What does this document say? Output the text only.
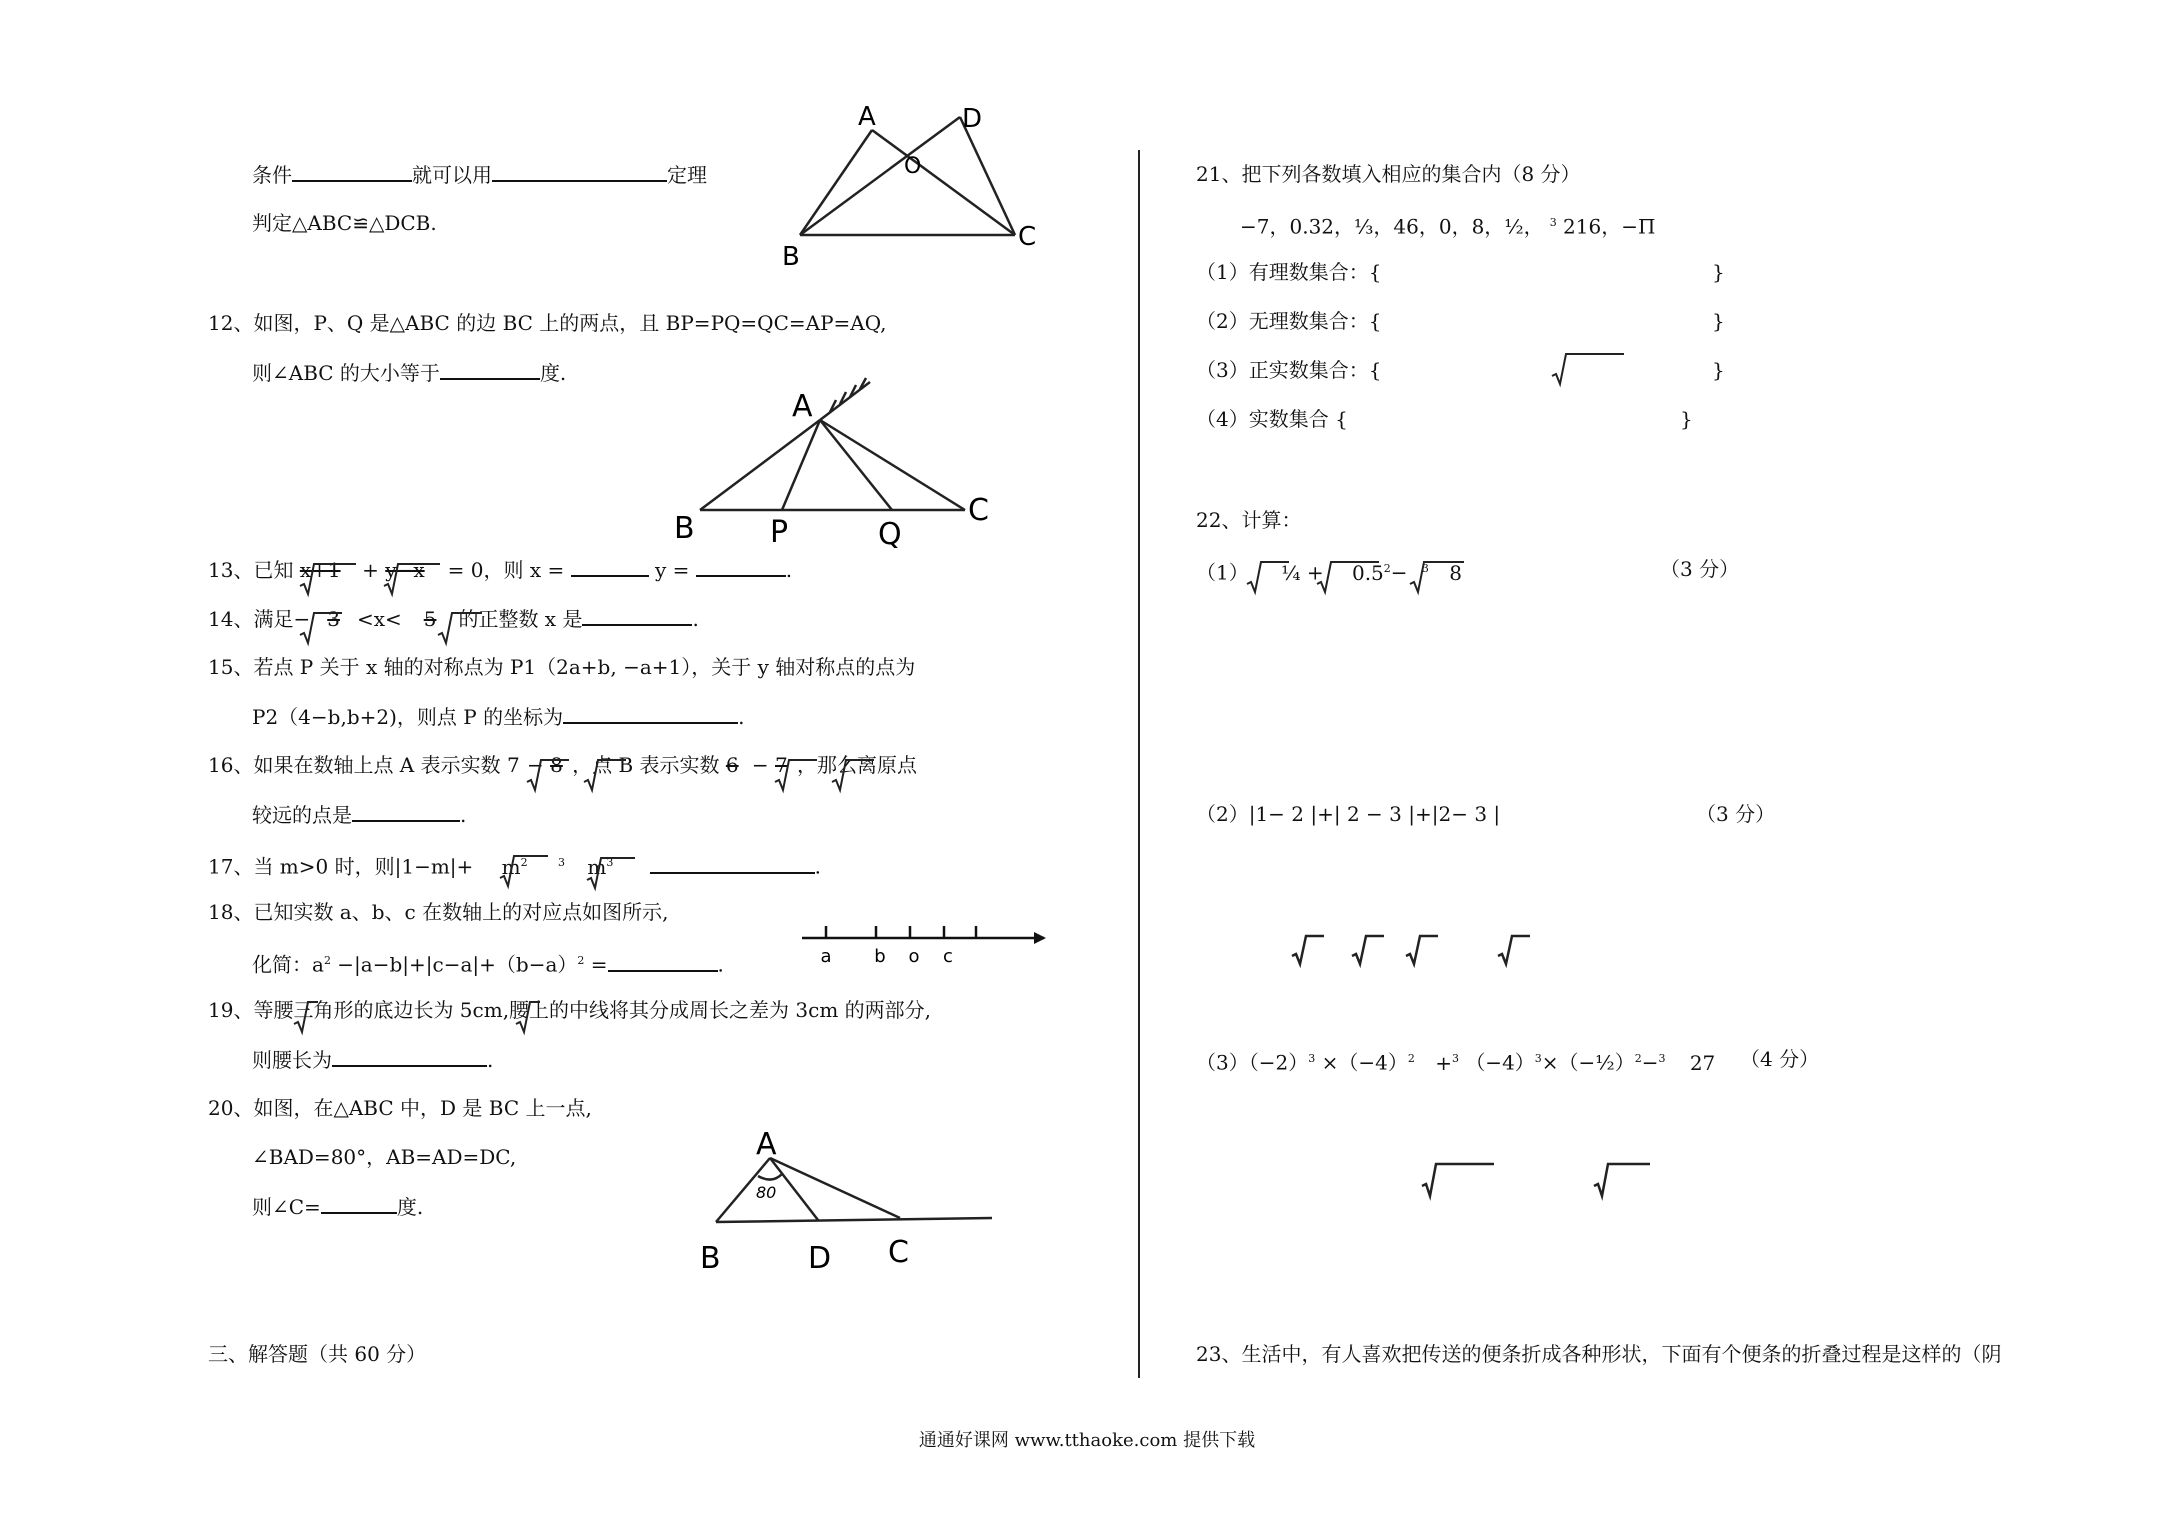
条件	就可以用	定理
判定△ABC≌△DCB.
A	D
O
B
C
12、如图，P、Q 是△ABC 的边 BC 上的两点，且 BP=PQ=QC=AP=AQ,
则∠ABC 的大小等于	度.
A
B	P	Q
C
13、已知 x+1 + y−x = 0，则 x =	y =	.
14、满足− 3 <x< 5 的正整数 x 是	.
15、若点 P 关于 x 轴的对称点为 P1（2a+b, −a+1），关于 y 轴对称点的点为
P2（4−b,b+2)，则点 P 的坐标为	.
16、如果在数轴上点 A 表示实数 7 − 8 ，点 B 表示实数 6 − 7 ，那么离原点
较远的点是	.
17、当 m>0 时，则$|1-m|+ m^2$	$^3$ $m^3$	.
18、已知实数 a、b、c 在数轴上的对应点如图所示,
化简：$a^2 -|a-b|+|c-a|+(b-a)^2$ =	.	a b o c
19、等腰三角形的底边长为 5cm,腰上的中线将其分成周长之差为 3cm 的两部分,
则腰长为	.
20、如图，在△ABC 中，D 是 BC 上一点,
∠BAD=80°，AB=AD=DC,
则∠C=	度.
A
80
B	D C
三、解答题（共 60 分）
21、把下列各数填入相应的集合内（8 分）
−7，0.32，⅓，46，0，8，½， $^3$ 216，−Π
（1）有理数集合：{	}
（2）无理数集合：{	}
（3）正实数集合：{	}
（4）实数集合 {	}
22、计算：
（1） ¼ + $0.5^2- ^3$ 8	（3 分）
（2）|1− 2 |+| 2 − 3 |+|2− 3 |	（3 分）
$(3)(-2)^3 \times(-4)^2 +^3$ $(-4)^3\times(-\frac{1}{2})^2-^3$ 27 （4 分）
23、生活中，有人喜欢把传送的便条折成各种形状，下面有个便条的折叠过程是这样的（阴
通通好课网 www.tthaoke.com 提供下载
